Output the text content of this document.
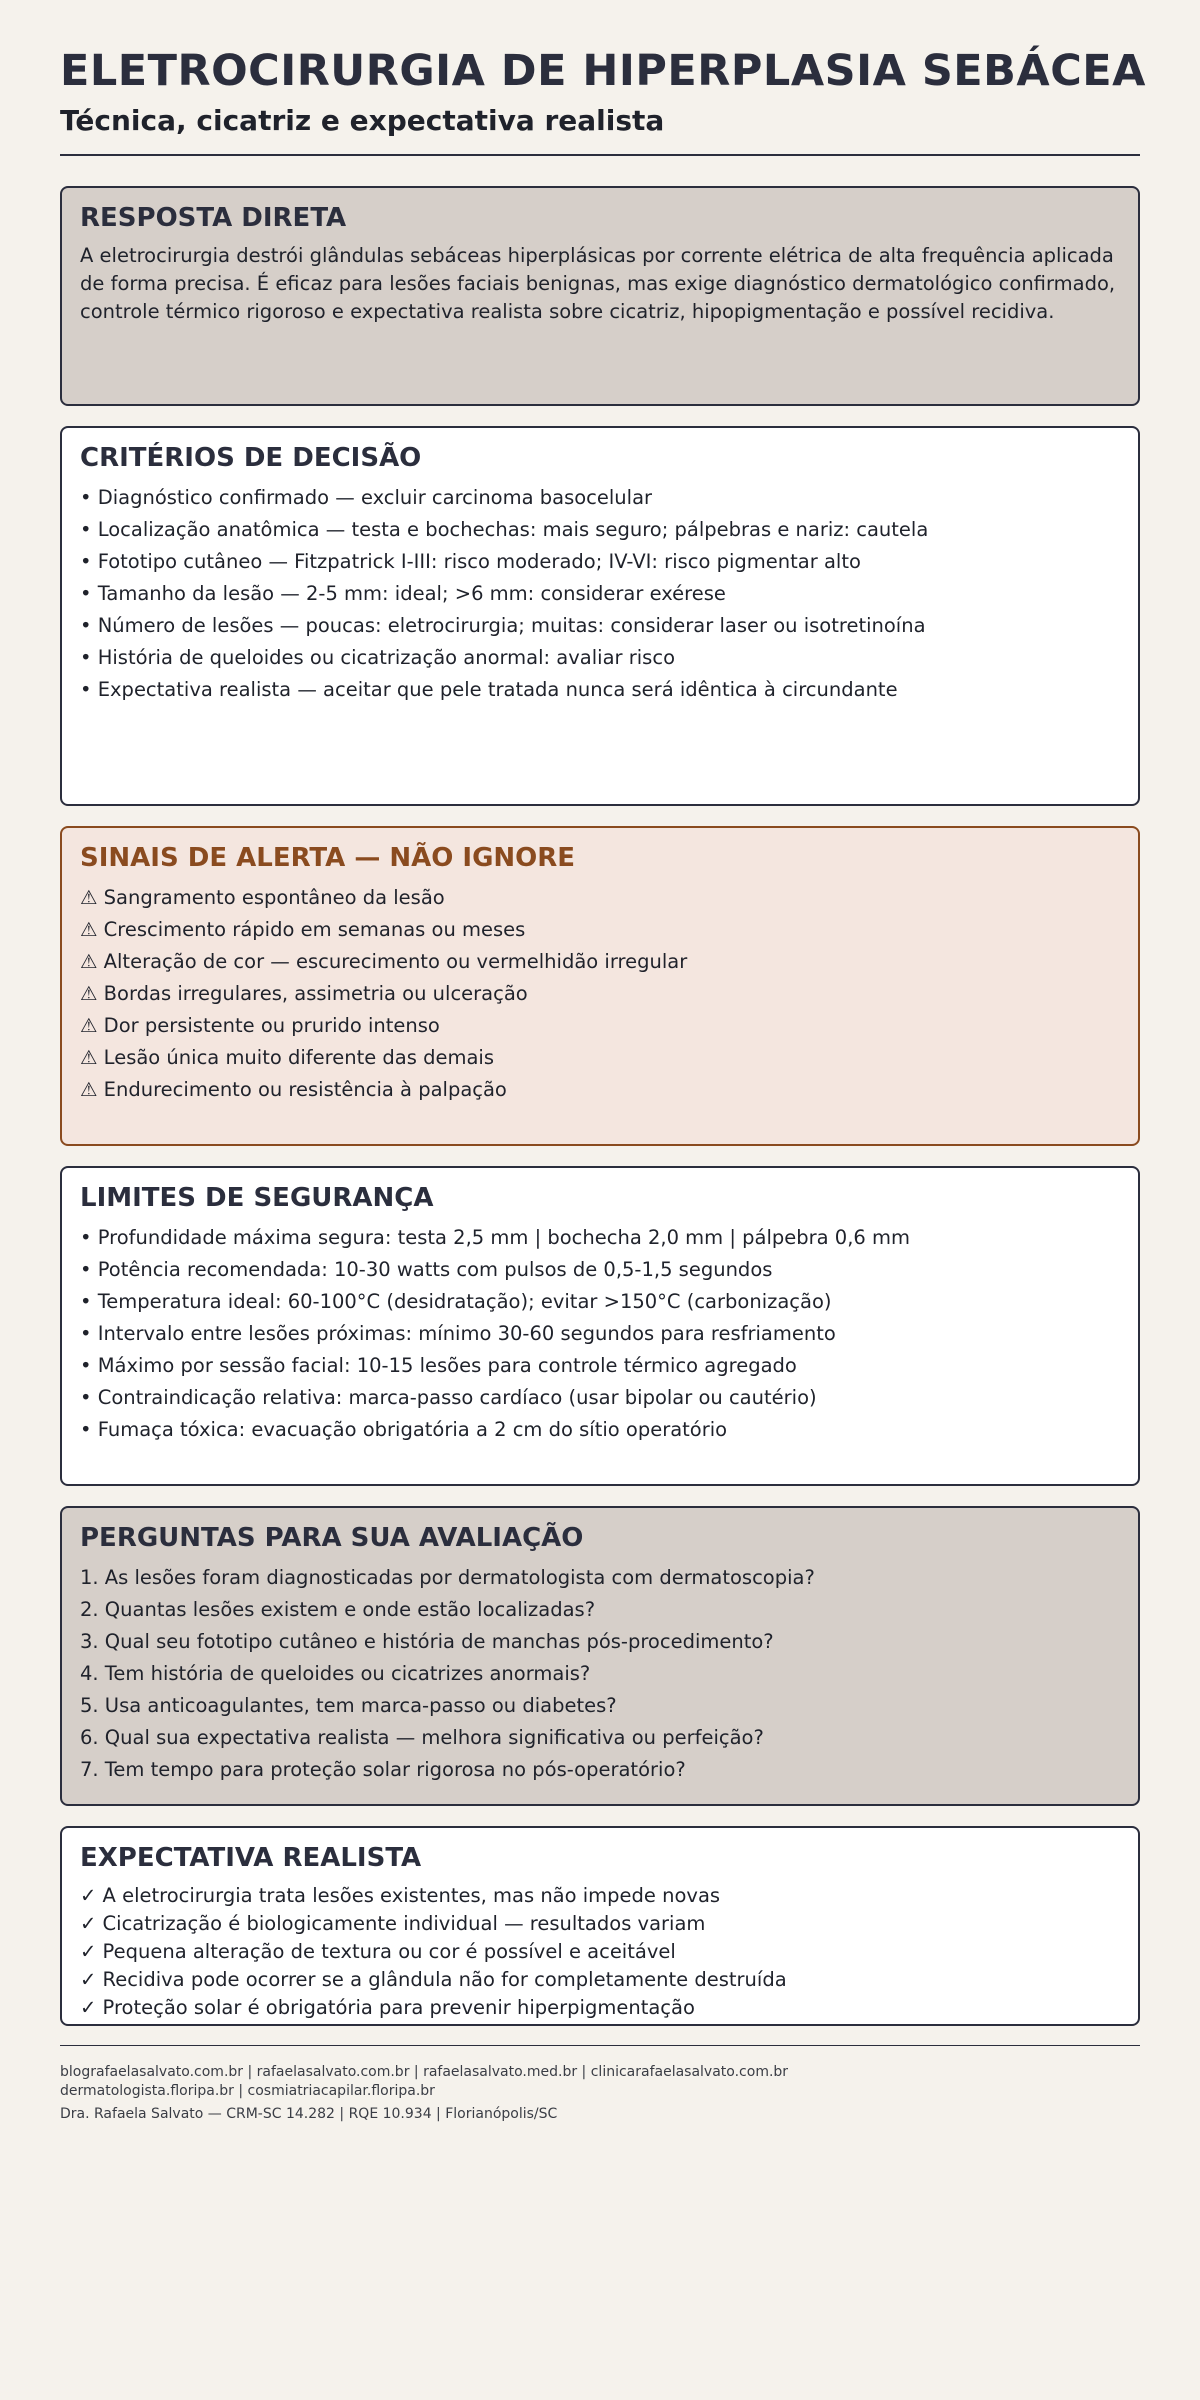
ELETROCIRURGIA DE HIPERPLASIA SEBÁCEA
Técnica, cicatriz e expectativa realista
RESPOSTA DIRETA

A eletrocirurgia destrói glândulas sebáceas hiperplásicas por corrente elétrica de alta frequência aplicada de forma precisa. É eficaz para lesões faciais benignas, mas exige diagnóstico dermatológico confirmado, controle térmico rigoroso e expectativa realista sobre cicatriz, hipopigmentação e possível recidiva.

CRITÉRIOS DE DECISÃO
• Diagnóstico confirmado — excluir carcinoma basocelular
• Localização anatômica — testa e bochechas: mais seguro; pálpebras e nariz: cautela
• Fototipo cutâneo — Fitzpatrick I-III: risco moderado; IV-VI: risco pigmentar alto
• Tamanho da lesão — 2-5 mm: ideal; >6 mm: considerar exérese
• Número de lesões — poucas: eletrocirurgia; muitas: considerar laser ou isotretinoína
• História de queloides ou cicatrização anormal: avaliar risco
• Expectativa realista — aceitar que pele tratada nunca será idêntica à circundante
SINAIS DE ALERTA — NÃO IGNORE
⚠ Sangramento espontâneo da lesão
⚠ Crescimento rápido em semanas ou meses
⚠ Alteração de cor — escurecimento ou vermelhidão irregular
⚠ Bordas irregulares, assimetria ou ulceração
⚠ Dor persistente ou prurido intenso
⚠ Lesão única muito diferente das demais
⚠ Endurecimento ou resistência à palpação
LIMITES DE SEGURANÇA
• Profundidade máxima segura: testa 2,5 mm | bochecha 2,0 mm | pálpebra 0,6 mm
• Potência recomendada: 10-30 watts com pulsos de 0,5-1,5 segundos
• Temperatura ideal: 60-100°C (desidratação); evitar >150°C (carbonização)
• Intervalo entre lesões próximas: mínimo 30-60 segundos para resfriamento
• Máximo por sessão facial: 10-15 lesões para controle térmico agregado
• Contraindicação relativa: marca-passo cardíaco (usar bipolar ou cautério)
• Fumaça tóxica: evacuação obrigatória a 2 cm do sítio operatório
PERGUNTAS PARA SUA AVALIAÇÃO
1. As lesões foram diagnosticadas por dermatologista com dermatoscopia?
2. Quantas lesões existem e onde estão localizadas?
3. Qual seu fototipo cutâneo e história de manchas pós-procedimento?
4. Tem história de queloides ou cicatrizes anormais?
5. Usa anticoagulantes, tem marca-passo ou diabetes?
6. Qual sua expectativa realista — melhora significativa ou perfeição?
7. Tem tempo para proteção solar rigorosa no pós-operatório?
EXPECTATIVA REALISTA
✓ A eletrocirurgia trata lesões existentes, mas não impede novas
✓ Cicatrização é biologicamente individual — resultados variam
✓ Pequena alteração de textura ou cor é possível e aceitável
✓ Recidiva pode ocorrer se a glândula não for completamente destruída
✓ Proteção solar é obrigatória para prevenir hiperpigmentação

blografaelasalvato.com.br | rafaelasalvato.com.br | rafaelasalvato.med.br | clinicarafaelasalvato.com.br

dermatologista.floripa.br | cosmiatriacapilar.floripa.br

Dra. Rafaela Salvato — CRM-SC 14.282 | RQE 10.934 | Florianópolis/SC
